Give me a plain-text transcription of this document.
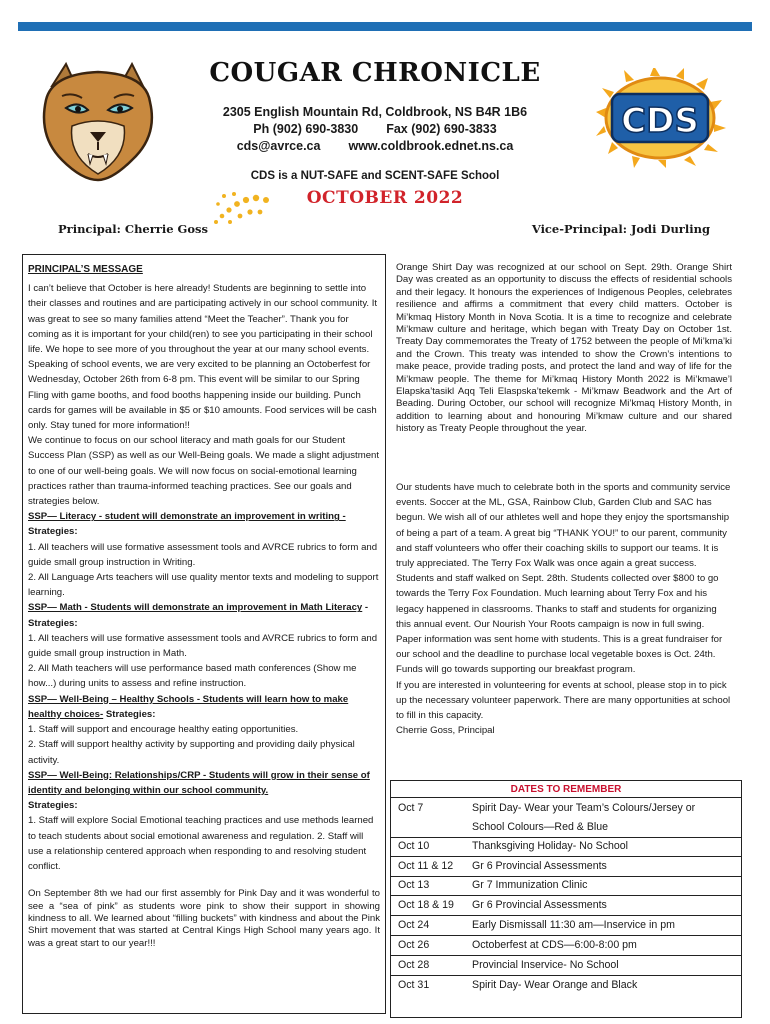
CDS
COUGAR CHRONICLE
2305 English Mountain Rd, Coldbrook, NS B4R 1B6
Ph (902) 690-3830 Fax (902) 690-3833
cds@avrce.ca www.coldbrook.ednet.ns.ca
CDS is a NUT-SAFE and SCENT-SAFE School
OCTOBER 2022
Principal: Cherrie Goss	Vice-Principal: Jodi Durling

PRINCIPAL’S MESSAGE

I can’t believe that October is here already! Students are beginning to settle into their classes and routines and are participating actively in our school community. It was great to see so many families attend “Meet the Teacher”. Thank you for coming as it is important for your child(ren) to see you participating in their school life. We hope to see more of you throughout the year at our many school events. Speaking of school events, we are very excited to be planning an Octoberfest for Wednesday, October 26th from 6-8 pm. This event will be similar to our Spring Fling with game booths, and food booths happening inside our building. Punch cards for games will be available in $5 or $10 amounts. Food services will be cash only. Stay tuned for more information!!

We continue to focus on our school literacy and math goals for our Student Success Plan (SSP) as well as our Well-Being goals. We made a slight adjustment to one of our well-being goals. We will now focus on social-emotional learning practices rather than trauma-informed teaching practices. See our goals and strategies below.

SSP— Literacy - student will demonstrate an improvement in writing -Strategies:

1. All teachers will use formative assessment tools and AVRCE rubrics to form and guide small group instruction in Writing.

2. All Language Arts teachers will use quality mentor texts and modeling to support learning.

SSP— Math - Students will demonstrate an improvement in Math Literacy - Strategies:

1. All teachers will use formative assessment tools and AVRCE rubrics to form and guide small group instruction in Math.

2. All Math teachers will use performance based math conferences (Show me how...) during units to assess and refine instruction.

SSP— Well-Being – Healthy Schools - Students will learn how to make healthy choices- Strategies:

1. Staff will support and encourage healthy eating opportunities.

2. Staff will support healthy activity by supporting and providing daily physical activity.

SSP— Well-Being: Relationships/CRP - Students will grow in their sense of identity and belonging within our school community.

Strategies:

1. Staff will explore Social Emotional teaching practices and use methods learned to teach students about social emotional awareness and regulation. 2. Staff will use a relationship centered approach when responding to and resolving student conflict.

On September 8th we had our first assembly for Pink Day and it was wonderful to see a “sea of pink” as students wore pink to show their support in showing kindness to all. We learned about “filling buckets” with kindness and about the Pink Shirt movement that was started at Central Kings High School many years ago. It was a great start to our year!!!

Orange Shirt Day was recognized at our school on Sept. 29th. Orange Shirt Day was created as an opportunity to discuss the effects of residential schools and their legacy. It honours the experiences of Indigenous Peoples, celebrates resilience and affirms a commitment that every child matters. October is Mi’kmaq History Month in Nova Scotia. It is a time to recognize and celebrate Mi’kmaw culture and heritage, which began with Treaty Day on October 1st. Treaty Day commemorates the Treaty of 1752 between the people of Mi’kma’ki and the Crown. This treaty was intended to show the Crown’s intentions to make peace, provide trading posts, and protect the land and way of life for the Mi’kmaw people. The theme for Mi’kmaq History Month 2022 is Mi’kmawe’l Elapska’tasikl Aqq Teli Elaspska’tekemk - Mi’kmaw Beadwork and the Art of Beading. During October, our school will recognize Mi’kmaq History Month, in addition to learning about and honouring Mi’kmaw culture and our shared history as Treaty People throughout the year.

Our students have much to celebrate both in the sports and community service events. Soccer at the ML, GSA, Rainbow Club, Garden Club and SAC has begun. We wish all of our athletes well and hope they enjoy the sportsmanship of being a part of a team. A great big “THANK YOU!” to our parent, community and staff volunteers who offer their coaching skills to support our teams. It is truly appreciated. The Terry Fox Walk was once again a great success. Students and staff walked on Sept. 28th. Students collected over $800 to go towards the Terry Fox Foundation. Much learning about Terry Fox and his legacy happened in classrooms. Thanks to staff and students for organizing this annual event. Our Nourish Your Roots campaign is now in full swing. Paper information was sent home with students. This is a great fundraiser for our school and the deadline to purchase local vegetable boxes is Oct. 24th. Funds will go towards supporting our breakfast program.

If you are interested in volunteering for events at school, please stop in to pick up the necessary volunteer paperwork. There are many opportunities at school to fill in this capacity.

Cherrie Goss, Principal

DATES TO REMEMBER
Oct 7	Spirit Day- Wear your Team’s Colours/Jersey or
School Colours—Red & Blue
Oct 10	Thanksgiving Holiday- No School
Oct 11 & 12	Gr 6 Provincial Assessments
Oct 13	Gr 7 Immunization Clinic
Oct 18 & 19	Gr 6 Provincial Assessments
Oct 24	Early Dismissall 11:30 am—Inservice in pm
Oct 26	Octoberfest at CDS—6:00-8:00 pm
Oct 28	Provincial Inservice- No School
Oct 31	Spirit Day- Wear Orange and Black
